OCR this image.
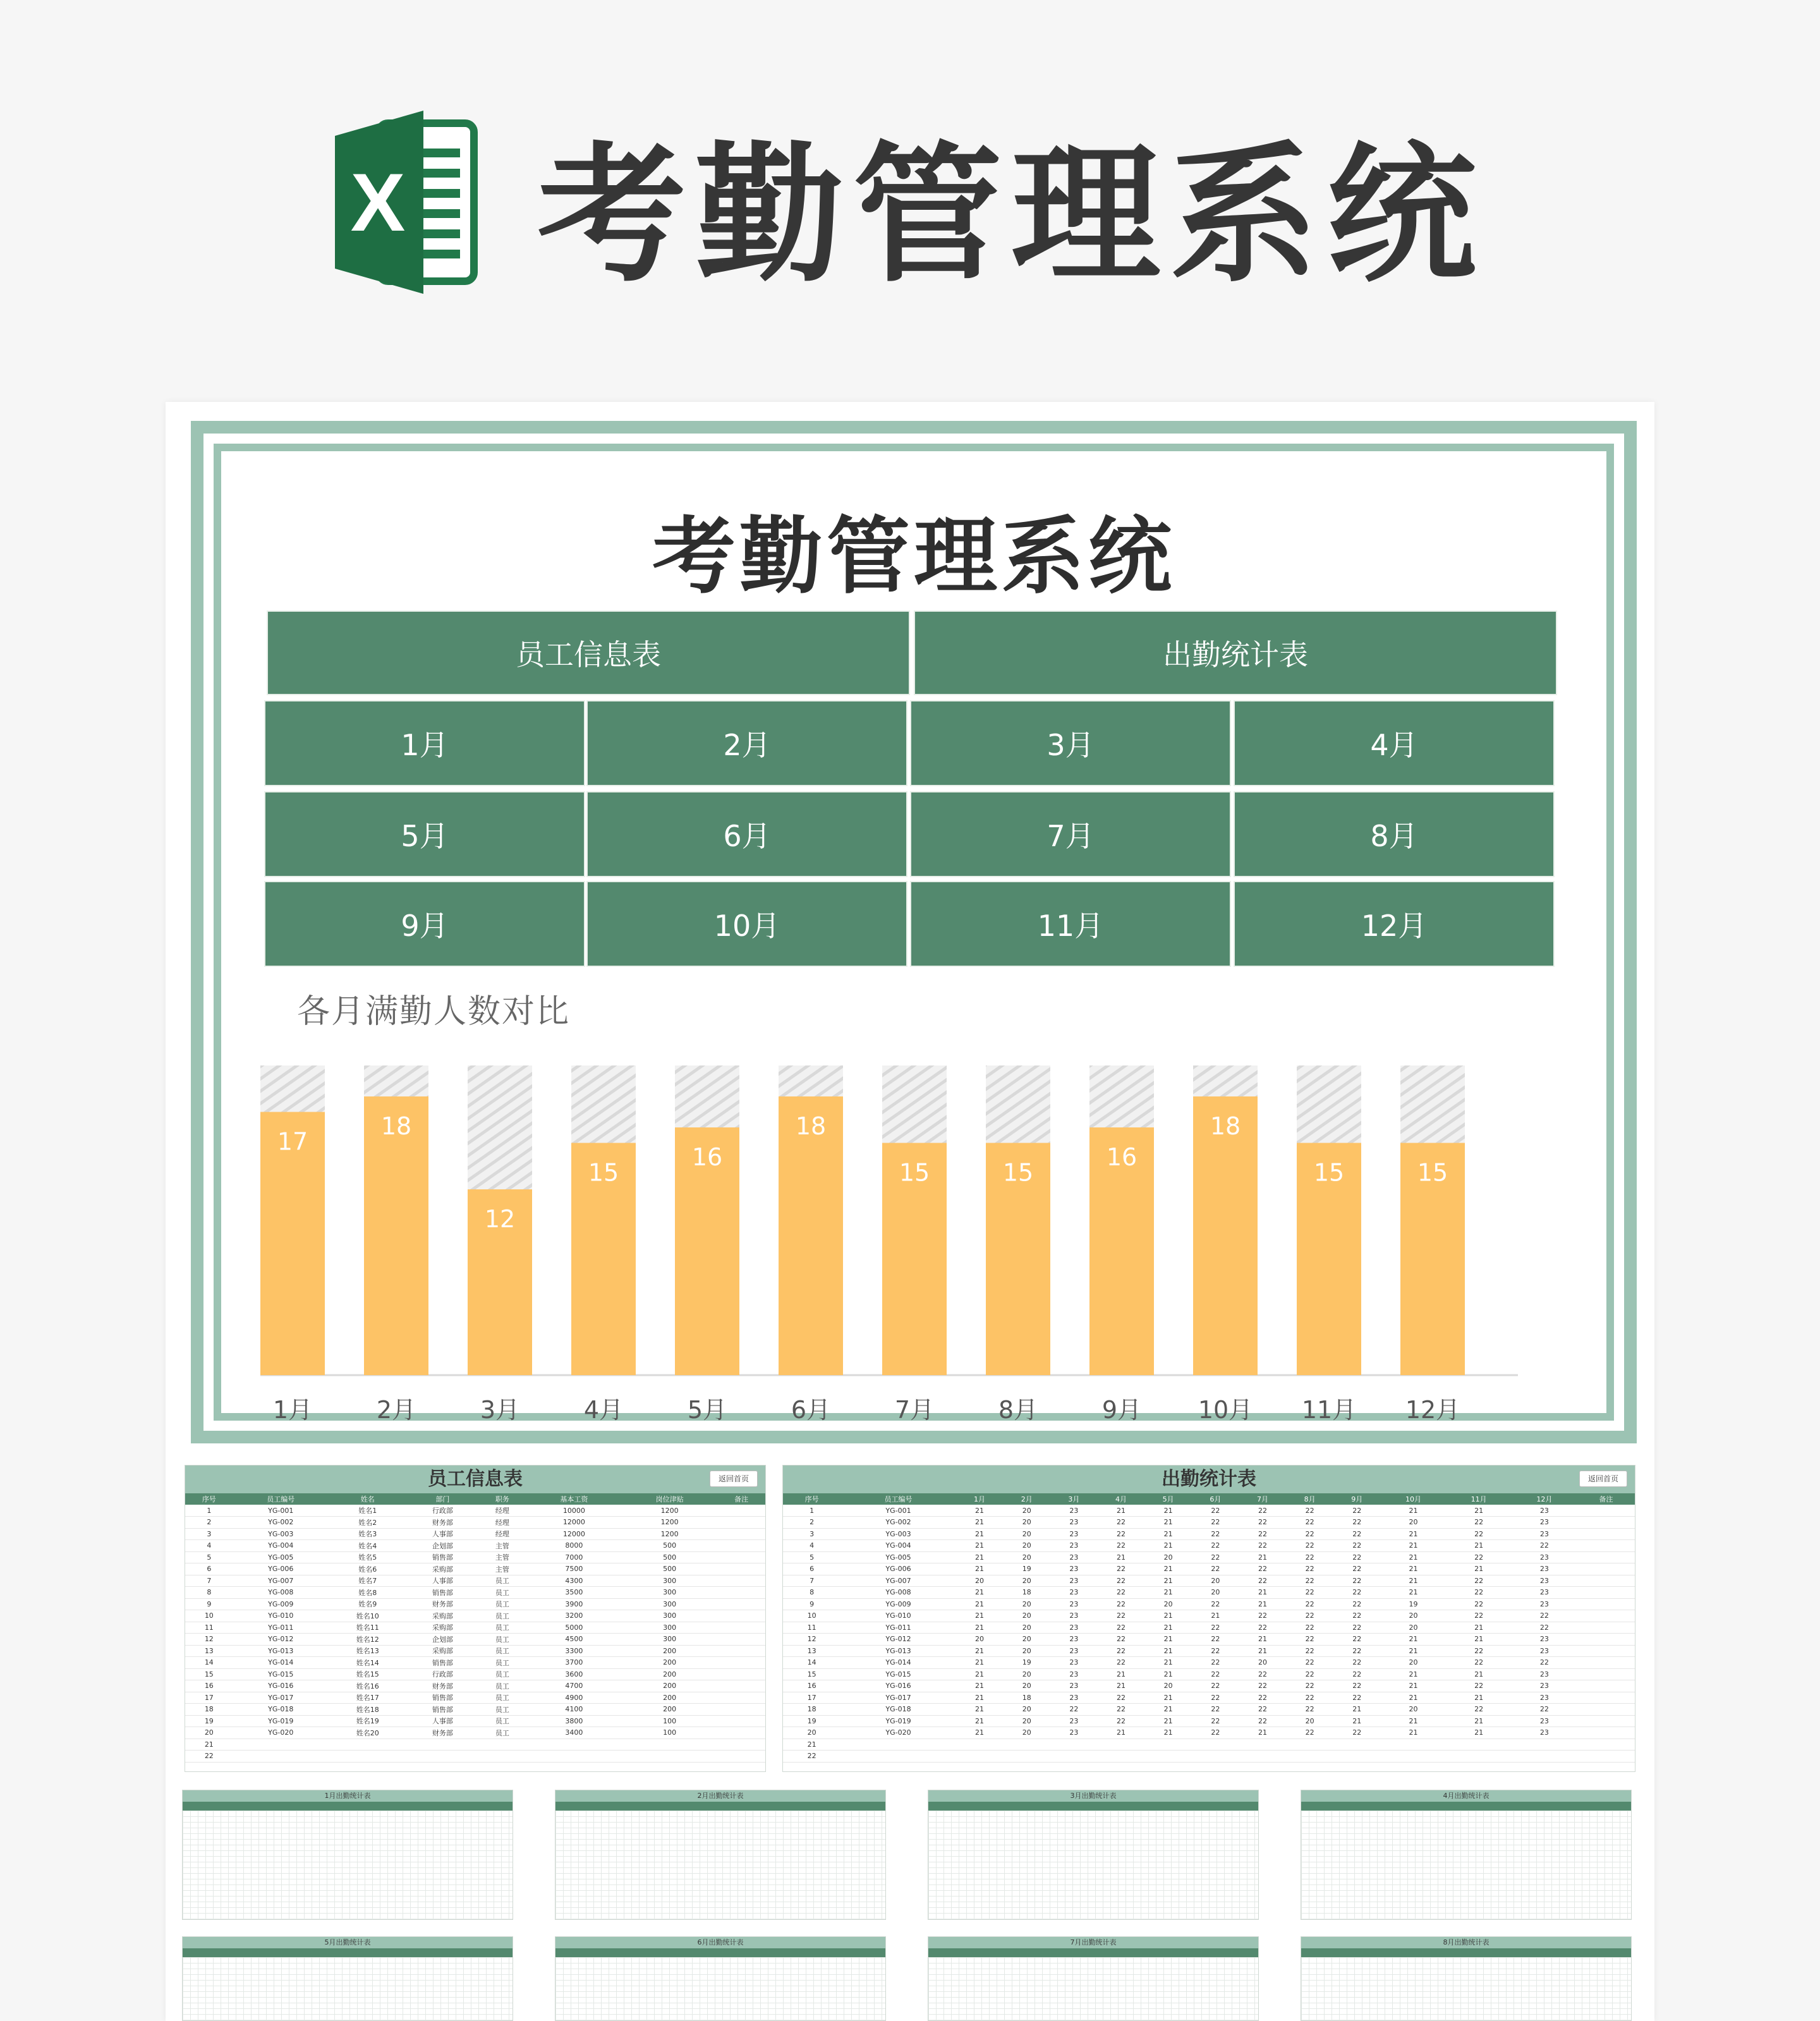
X 考勤管理系统
考勤管理系统
员工信息表	出勤统计表
1月	2月	3月	4月
5月	6月	7月	8月
9月	10月	11月	12月
各月满勤人数对比
17
1月
18
2月
12
3月
15
4月
16
5月
18
6月
15
7月
15
8月
16
9月
18
10月
15
11月
15
12月
员工信息表	返回首页
序号	员工编号	姓名	部门	职务	基本工资	岗位津贴	备注
1	YG-001	姓名1	行政部	经理	10000	1200	
2	YG-002	姓名2	财务部	经理	12000	1200	
3	YG-003	姓名3	人事部	经理	12000	1200	
4	YG-004	姓名4	企划部	主管	8000	500	
5	YG-005	姓名5	销售部	主管	7000	500	
6	YG-006	姓名6	采购部	主管	7500	500	
7	YG-007	姓名7	人事部	员工	4300	300	
8	YG-008	姓名8	销售部	员工	3500	300	
9	YG-009	姓名9	财务部	员工	3900	300	
10	YG-010	姓名10	采购部	员工	3200	300	
11	YG-011	姓名11	采购部	员工	5000	300	
12	YG-012	姓名12	企划部	员工	4500	300	
13	YG-013	姓名13	采购部	员工	3300	200	
14	YG-014	姓名14	销售部	员工	3700	200	
15	YG-015	姓名15	行政部	员工	3600	200	
16	YG-016	姓名16	财务部	员工	4700	200	
17	YG-017	姓名17	销售部	员工	4900	200	
18	YG-018	姓名18	销售部	员工	4100	200	
19	YG-019	姓名19	人事部	员工	3800	100	
20	YG-020	姓名20	财务部	员工	3400	100	
21							
22							
出勤统计表	返回首页
序号	员工编号	1月	2月	3月	4月	5月	6月	7月	8月	9月	10月	11月	12月	备注
1	YG-001	21	20	23	21	21	22	22	22	22	21	21	23	
2	YG-002	21	20	23	22	21	22	22	22	22	20	22	23	
3	YG-003	21	20	23	22	21	22	22	22	22	21	22	23	
4	YG-004	21	20	23	22	21	22	22	22	22	21	21	22	
5	YG-005	21	20	23	21	20	22	21	22	22	21	22	23	
6	YG-006	21	19	23	22	21	22	22	22	22	21	21	23	
7	YG-007	20	20	23	22	21	20	22	22	22	21	22	23	
8	YG-008	21	18	23	22	21	20	21	22	22	21	22	23	
9	YG-009	21	20	23	22	20	22	21	22	22	19	22	23	
10	YG-010	21	20	23	22	21	21	22	22	22	20	22	22	
11	YG-011	21	20	23	22	21	22	22	22	22	20	21	22	
12	YG-012	20	20	23	22	21	22	21	22	22	21	21	23	
13	YG-013	21	20	23	22	21	22	21	22	22	21	22	23	
14	YG-014	21	19	23	22	21	22	20	22	22	20	22	22	
15	YG-015	21	20	23	21	21	22	22	22	22	21	21	23	
16	YG-016	21	20	23	21	20	22	22	22	22	21	22	23	
17	YG-017	21	18	23	22	21	22	22	22	22	21	21	23	
18	YG-018	21	20	22	22	21	22	22	22	21	20	22	22	
19	YG-019	21	20	23	22	21	22	22	20	21	21	21	23	
20	YG-020	21	20	23	21	21	22	21	22	22	21	21	23	
21														
22														
1月出勤统计表	2月出勤统计表	3月出勤统计表	4月出勤统计表
5月出勤统计表	6月出勤统计表	7月出勤统计表	8月出勤统计表
